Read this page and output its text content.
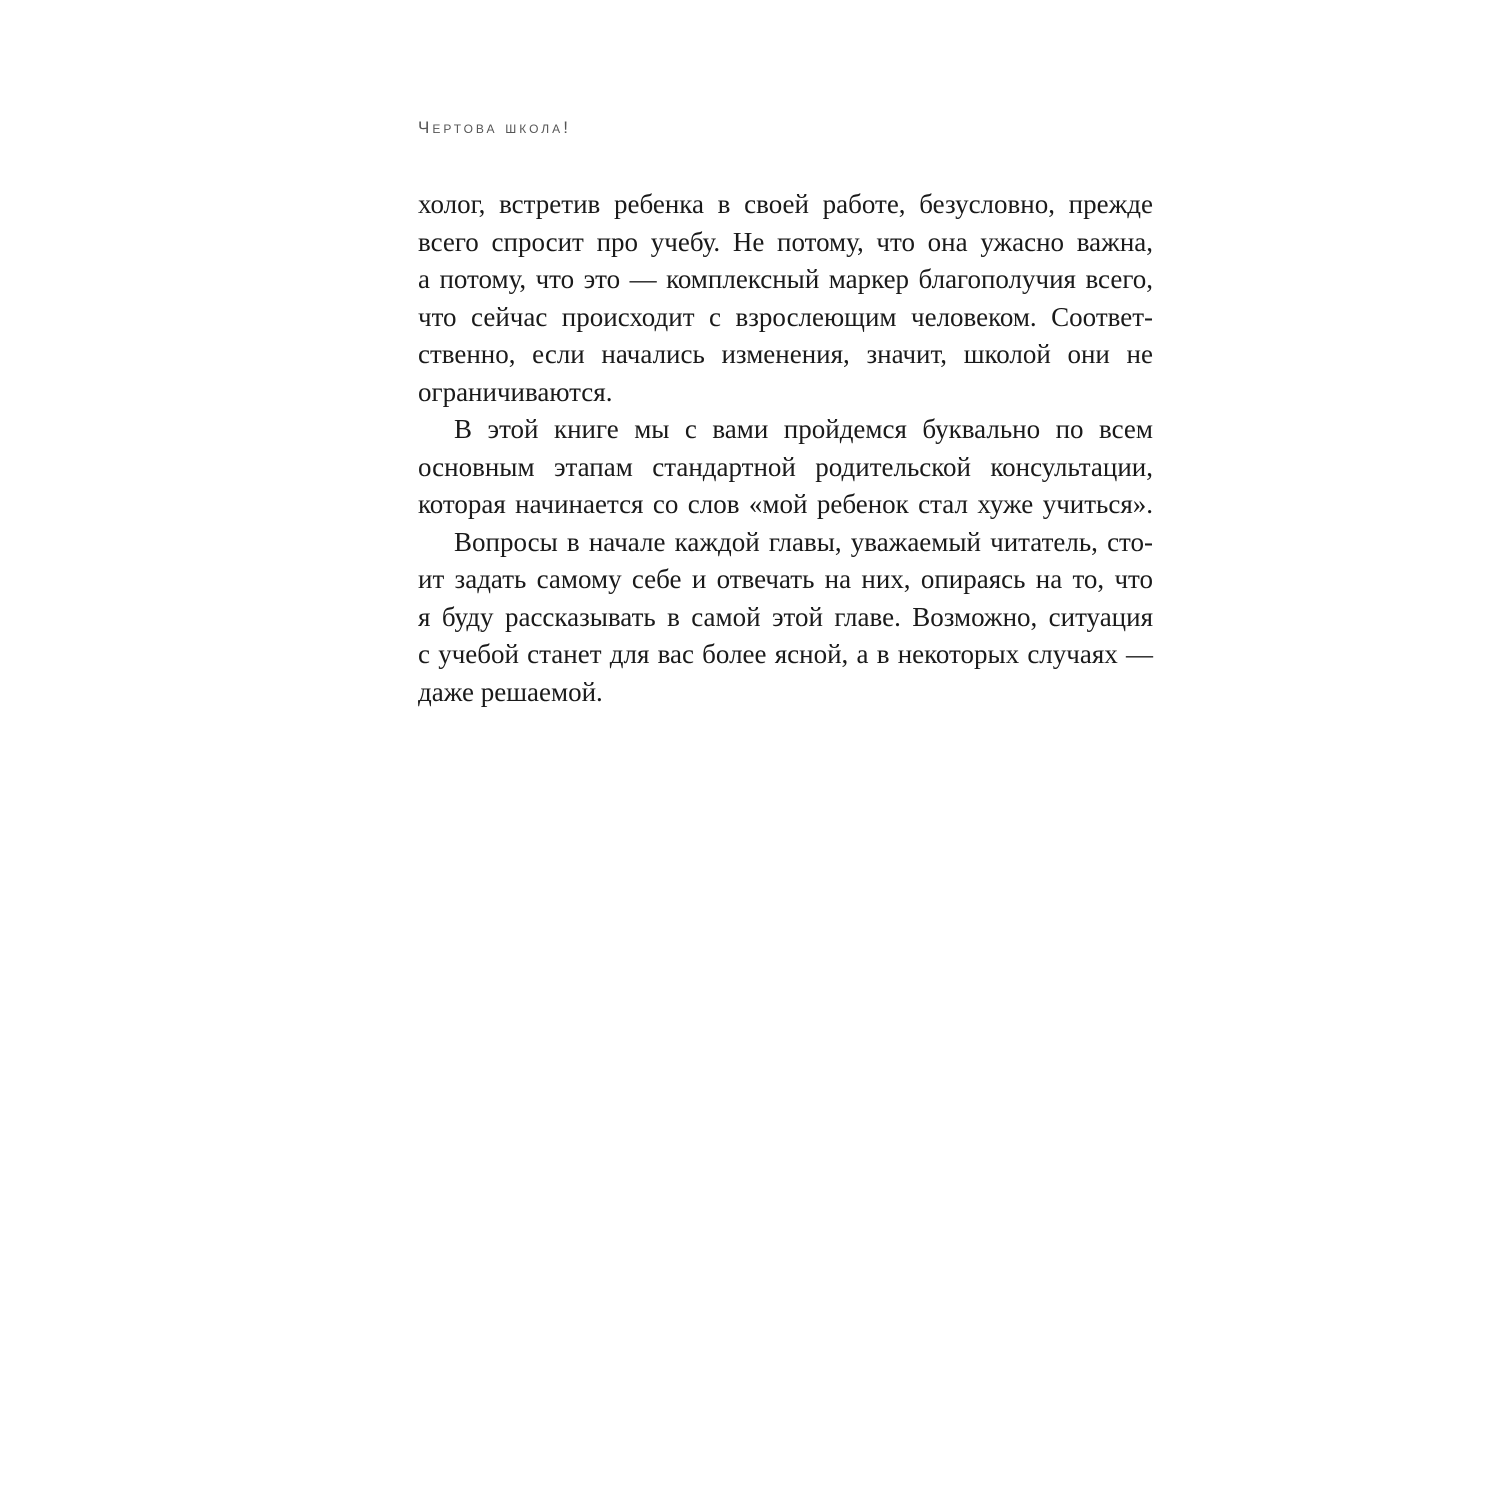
Чертова школа!
холог, встретив ребенка в своей работе, безусловно, прежде
всего спросит про учебу. Не потому, что она ужасно важна,
а потому, что это — комплексный маркер благополучия всего,
что сейчас происходит с взрослеющим человеком. Соответ-
ственно, если начались изменения, значит, школой они не
ограничиваются.
В этой книге мы с вами пройдемся буквально по всем
основным этапам стандартной родительской консультации,
которая начинается со слов «мой ребенок стал хуже учиться».
Вопросы в начале каждой главы, уважаемый читатель, сто-
ит задать самому себе и отвечать на них, опираясь на то, что
я буду рассказывать в самой этой главе. Возможно, ситуация
с учебой станет для вас более ясной, а в некоторых случаях —
даже решаемой.
